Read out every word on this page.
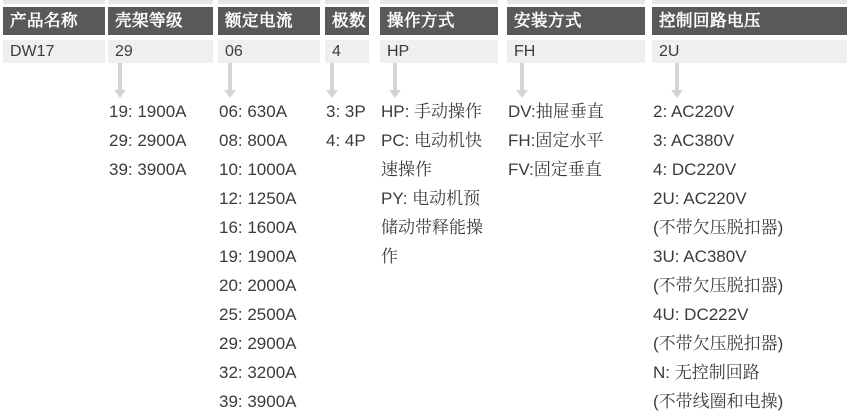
产品名称
DW17
壳架等级
29
19: 1900A
29: 2900A
39: 3900A
额定电流
06
06: 630A
08: 800A
10: 1000A
12: 1250A
16: 1600A
19: 1900A
20: 2000A
25: 2500A
29: 2900A
32: 3200A
39: 3900A
极数
4
3: 3P
4: 4P
操作方式
HP
HP: 手动操作
PC: 电动机快
速操作
PY: 电动机预
储动带释能操
作
安装方式
FH
DV:抽屉垂直
FH:固定水平
FV:固定垂直
控制回路电压
2U
2: AC220V
3: AC380V
4: DC220V
2U: AC220V
(不带欠压脱扣器)
3U: AC380V
(不带欠压脱扣器)
4U: DC222V
(不带欠压脱扣器)
N: 无控制回路
(不带线圈和电操)
